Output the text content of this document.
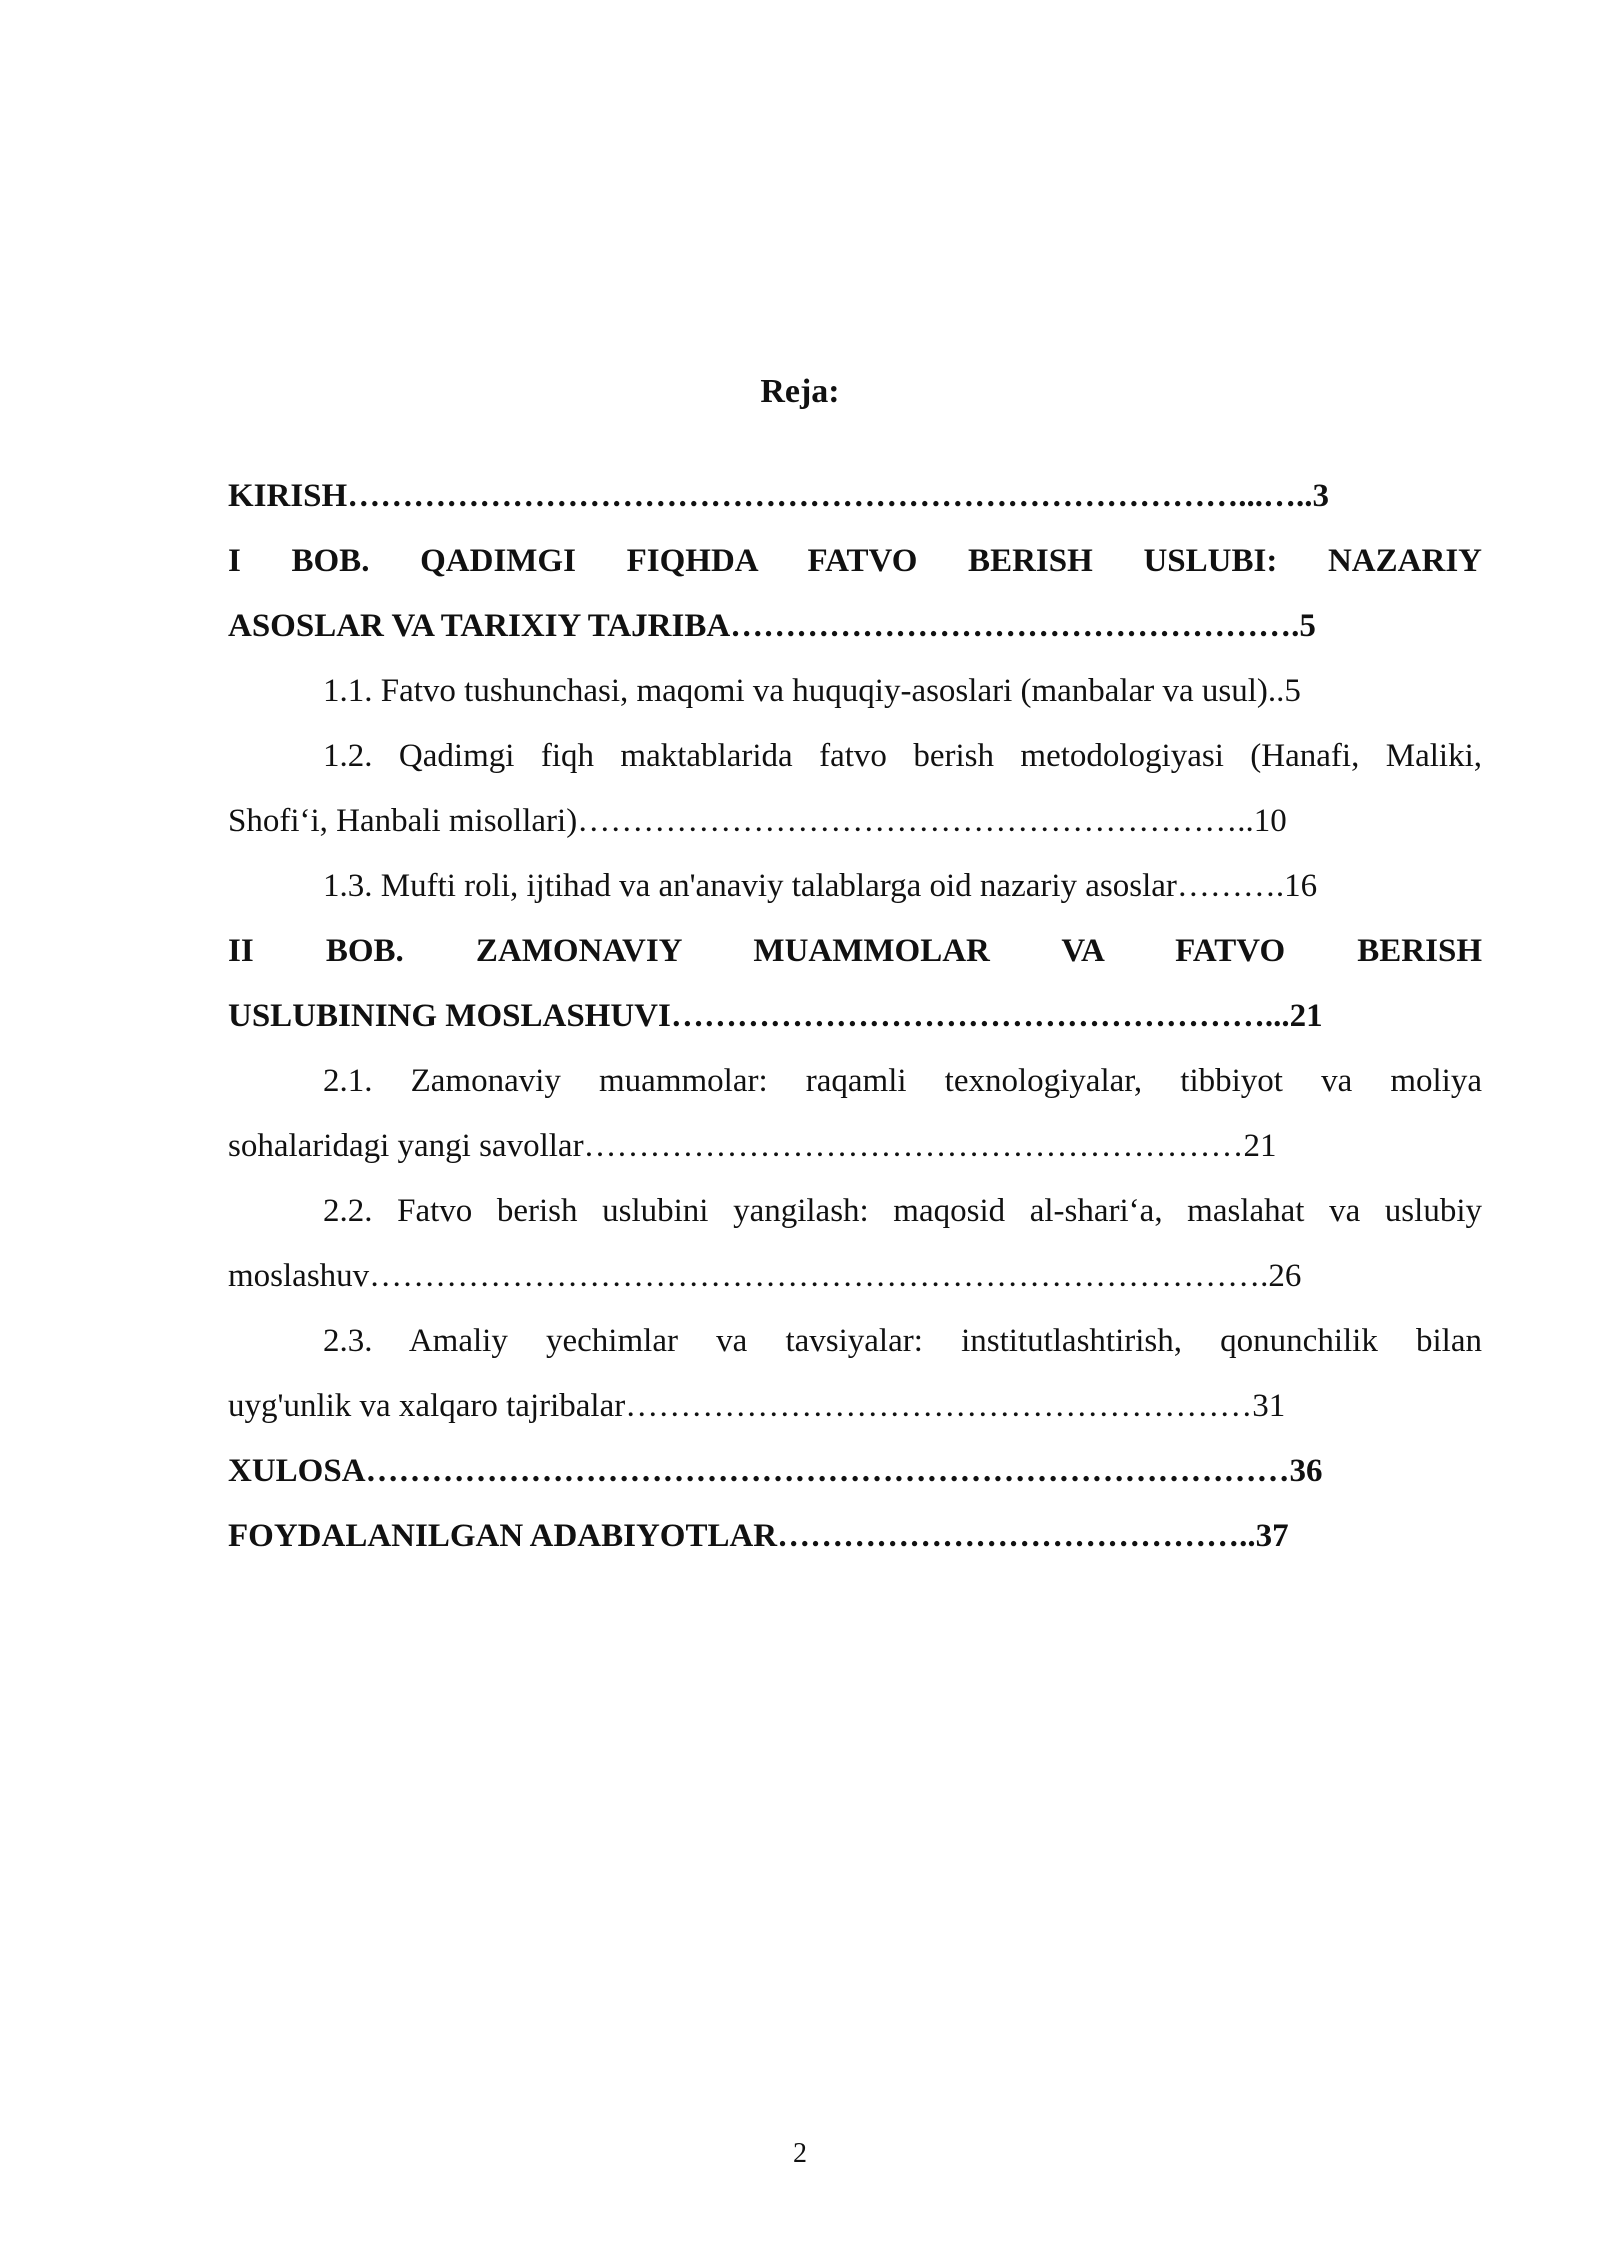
Reja:
KIRISH………………………………………………………………………...…..3
I BOB. QADIMGI FIQHDA FATVO BERISH USLUBI: NAZARIY
ASOSLAR VA TARIXIY TAJRIBA…………………………………………….5
1.1. Fatvo tushunchasi, maqomi va huquqiy-asoslari (manbalar va usul)..5
1.2. Qadimgi fiqh maktablarida fatvo berish metodologiyasi (Hanafi, Maliki,
Shofi‘i, Hanbali misollari)……………………………………………………..10
1.3. Mufti roli, ijtihad va an'anaviy talablarga oid nazariy asoslar……….16
II BOB. ZAMONAVIY MUAMMOLAR VA FATVO BERISH
USLUBINING MOSLASHUVI………………………………………………...21
2.1. Zamonaviy muammolar: raqamli texnologiyalar, tibbiyot va moliya
sohalaridagi yangi savollar……………………………………………………21
2.2. Fatvo berish uslubini yangilash: maqosid al-shari‘a, maslahat va uslubiy
moslashuv……………………………………………………………………….26
2.3. Amaliy yechimlar va tavsiyalar: institutlashtirish, qonunchilik bilan
uyg'unlik va xalqaro tajribalar…………………………………………………31
XULOSA…………………………………………………………………………36
FOYDALANILGAN ADABIYOTLAR……………………………………..37
2
